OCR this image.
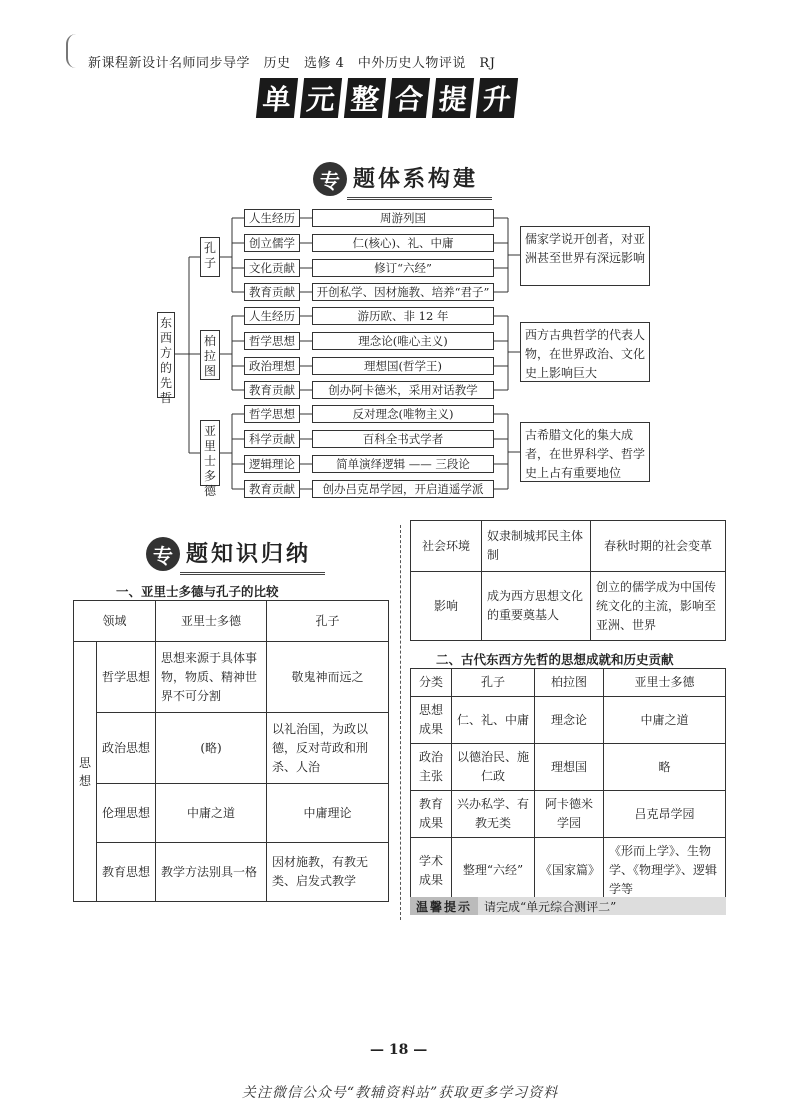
新课程新设计名师同步导学　历史　选修 4　中外历史人物评说　RJ
单 元 整 合 提 升
专 题体系构建
东西方的先哲
孔子
柏拉图
亚里士多德
人生经历	周游列国
创立儒学	仁(核心)、礼、中庸
文化贡献	修订“六经”
教育贡献	开创私学、因材施教、培养“君子”
儒家学说开创者，对亚洲甚至世界有深远影响
人生经历	游历欧、非 12 年
哲学思想	理念论(唯心主义)
政治理想	理想国(哲学王)
教育贡献	创办阿卡德米，采用对话教学
西方古典哲学的代表人物，在世界政治、文化史上影响巨大
哲学思想	反对理念(唯物主义)
科学贡献	百科全书式学者
逻辑理论	简单演绎逻辑 —— 三段论
教育贡献	创办吕克昂学园，开启逍遥学派
古希腊文化的集大成者，在世界科学、哲学史上占有重要地位
专 题知识归纳
一、亚里士多德与孔子的比较
领域		亚里士多德	孔子
思想	哲学思想	思想来源于具体事物，物质、精神世界不可分割	敬鬼神而远之
	政治思想	(略)	以礼治国，为政以德，反对苛政和刑杀、人治
	伦理思想	中庸之道	中庸理论
	教育思想	教学方法别具一格	因材施教，有教无类、启发式教学
社会环境	奴隶制城邦民主体制	春秋时期的社会变革
影响	成为西方思想文化的重要奠基人	创立的儒学成为中国传统文化的主流，影响至亚洲、世界
二、古代东西方先哲的思想成就和历史贡献
分类	孔子	柏拉图	亚里士多德
思想成果	仁、礼、中庸	理念论	中庸之道
政治主张	以德治民、施仁政	理想国	略
教育成果	兴办私学、有教无类	阿卡德米学园	吕克昂学园
学术成果	整理“六经”	《国家篇》	《形而上学》、生物学、《物理学》、逻辑学等
温馨提示	请完成“单元综合测评二”
— 18 —
关注微信公众号“教辅资料站”获取更多学习资料
